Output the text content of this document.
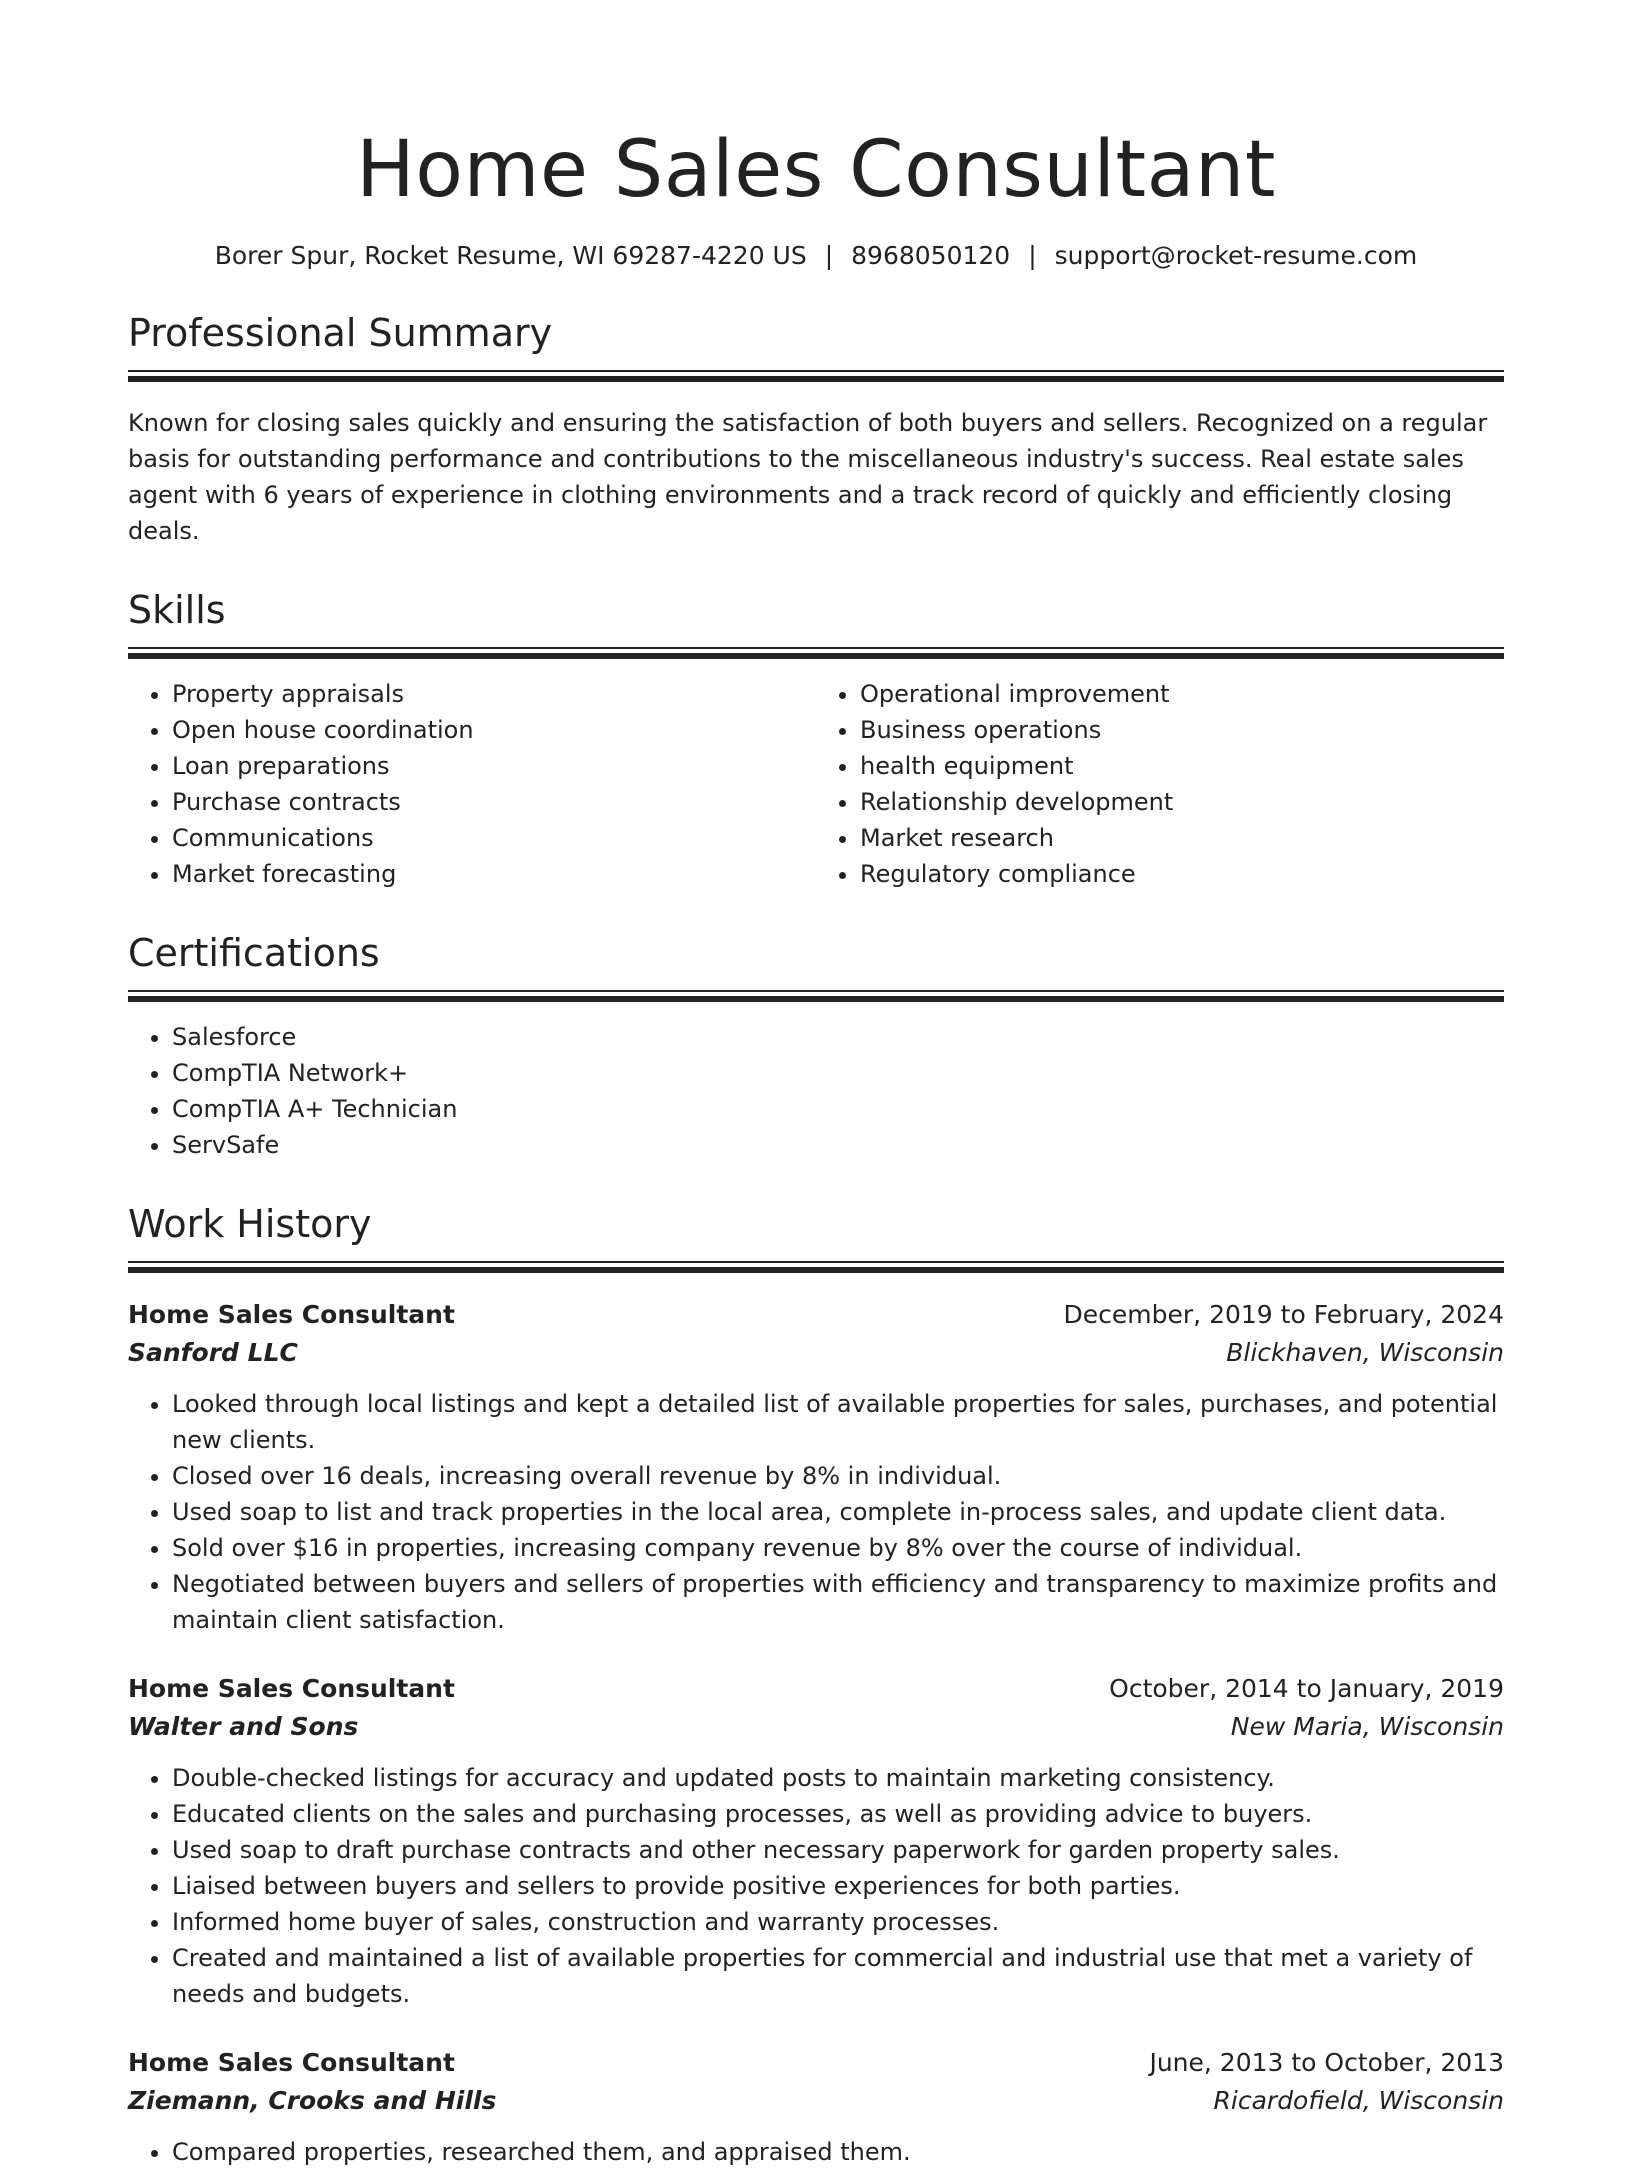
Home Sales Consultant
Borer Spur, Rocket Resume, WI 69287-4220 US | 8968050120 | support@rocket-resume.com
Professional Summary

Known for closing sales quickly and ensuring the satisfaction of both buyers and sellers. Recognized on a regular basis for outstanding performance and contributions to the miscellaneous industry's success. Real estate sales agent with 6 years of experience in clothing environments and a track record of quickly and efficiently closing deals.

Skills
• Property appraisals
• Open house coordination
• Loan preparations
• Purchase contracts
• Communications
• Market forecasting
• Operational improvement
• Business operations
• health equipment
• Relationship development
• Market research
• Regulatory compliance
Certifications
• Salesforce
• CompTIA Network+
• CompTIA A+ Technician
• ServSafe
Work History
Home Sales Consultant	December, 2019 to February, 2024
Sanford LLC	Blickhaven, Wisconsin
• Looked through local listings and kept a detailed list of available properties for sales, purchases, and potential new clients.
• Closed over 16 deals, increasing overall revenue by 8% in individual.
• Used soap to list and track properties in the local area, complete in-process sales, and update client data.
• Sold over $16 in properties, increasing company revenue by 8% over the course of individual.
• Negotiated between buyers and sellers of properties with efficiency and transparency to maximize profits and maintain client satisfaction.
Home Sales Consultant	October, 2014 to January, 2019
Walter and Sons	New Maria, Wisconsin
• Double-checked listings for accuracy and updated posts to maintain marketing consistency.
• Educated clients on the sales and purchasing processes, as well as providing advice to buyers.
• Used soap to draft purchase contracts and other necessary paperwork for garden property sales.
• Liaised between buyers and sellers to provide positive experiences for both parties.
• Informed home buyer of sales, construction and warranty processes.
• Created and maintained a list of available properties for commercial and industrial use that met a variety of needs and budgets.
Home Sales Consultant	June, 2013 to October, 2013
Ziemann, Crooks and Hills	Ricardofield, Wisconsin
• Compared properties, researched them, and appraised them.
